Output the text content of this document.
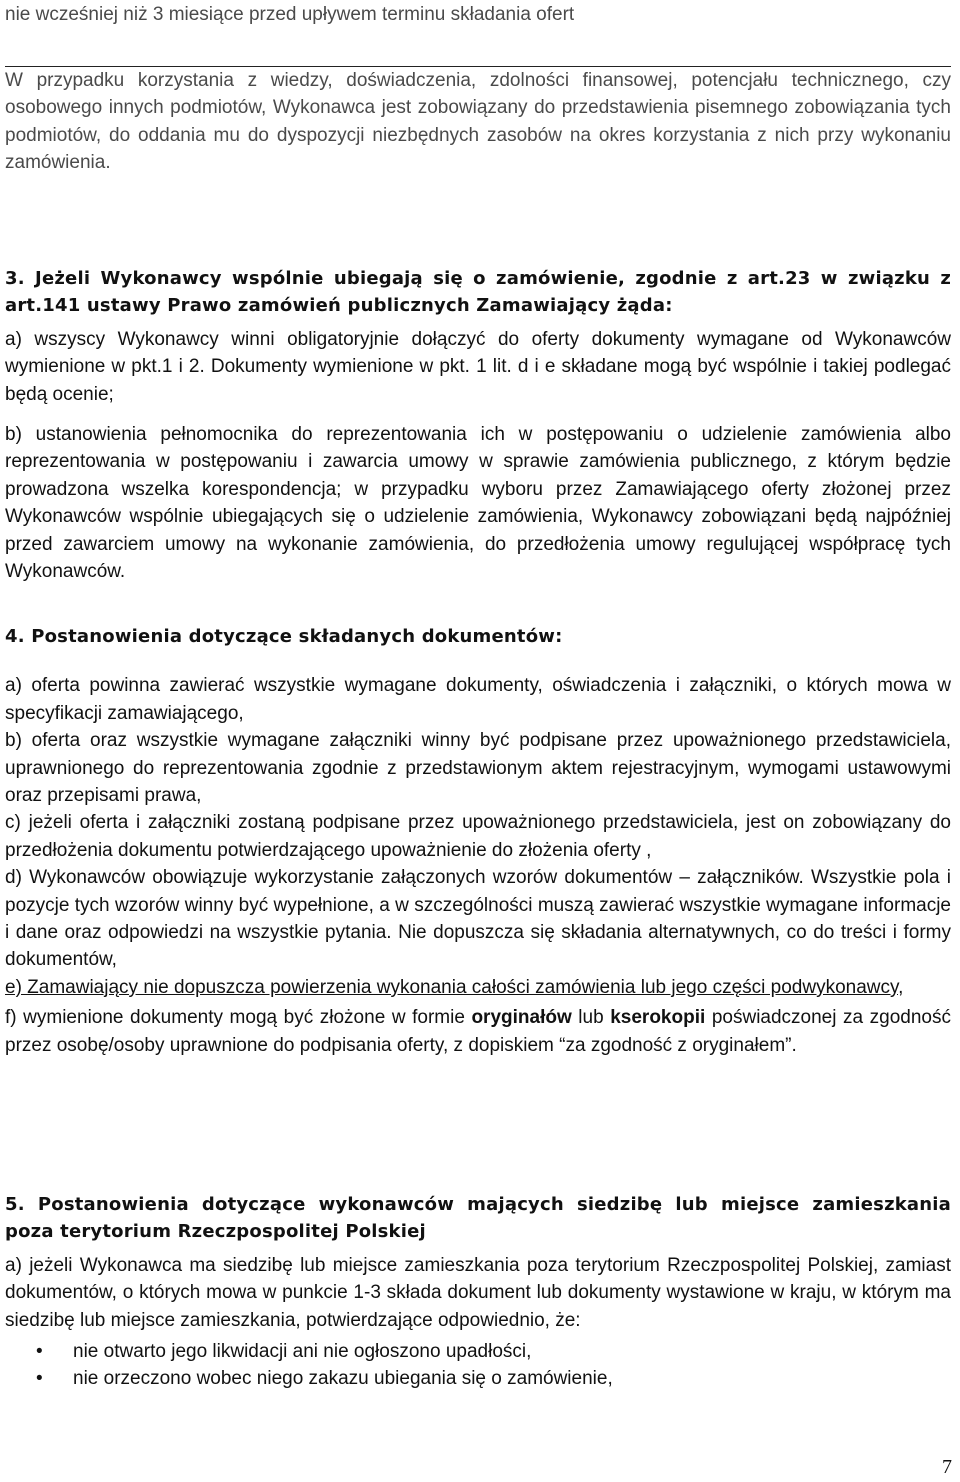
nie wcześniej niż 3 miesiące przed upływem terminu składania ofert

W przypadku korzystania z wiedzy, doświadczenia, zdolności finansowej, potencjału technicznego, czy osobowego innych podmiotów, Wykonawca jest zobowiązany do przedstawienia pisemnego zobowiązania tych podmiotów, do oddania mu do dyspozycji niezbędnych zasobów na okres korzystania z nich przy wykonaniu zamówienia.

3. Jeżeli Wykonawcy wspólnie ubiegają się o zamówienie, zgodnie z art.23 w związku z art.141 ustawy Prawo zamówień publicznych Zamawiający żąda:

a) wszyscy Wykonawcy winni obligatoryjnie dołączyć do oferty dokumenty wymagane od Wykonawców wymienione w pkt.1 i 2. Dokumenty wymienione w pkt. 1 lit. d i e składane mogą być wspólnie i takiej podlegać będą ocenie;

b) ustanowienia pełnomocnika do reprezentowania ich w postępowaniu o udzielenie zamówienia albo reprezentowania w postępowaniu i zawarcia umowy w sprawie zamówienia publicznego, z którym będzie prowadzona wszelka korespondencja; w przypadku wyboru przez Zamawiającego oferty złożonej przez Wykonawców wspólnie ubiegających się o udzielenie zamówienia, Wykonawcy zobowiązani będą najpóźniej przed zawarciem umowy na wykonanie zamówienia, do przedłożenia umowy regulującej współpracę tych Wykonawców.

4. Postanowienia dotyczące składanych dokumentów:

a) oferta powinna zawierać wszystkie wymagane dokumenty, oświadczenia i załączniki, o których mowa w specyfikacji zamawiającego,

b) oferta oraz wszystkie wymagane załączniki winny być podpisane przez upoważnionego przedstawiciela, uprawnionego do reprezentowania zgodnie z przedstawionym aktem rejestracyjnym, wymogami ustawowymi oraz przepisami prawa,

c) jeżeli oferta i załączniki zostaną podpisane przez upoważnionego przedstawiciela, jest on zobowiązany do przedłożenia dokumentu potwierdzającego upoważnienie do złożenia oferty ,

d) Wykonawców obowiązuje wykorzystanie załączonych wzorów dokumentów – załączników. Wszystkie pola i pozycje tych wzorów winny być wypełnione, a w szczególności muszą zawierać wszystkie wymagane informacje i dane oraz odpowiedzi na wszystkie pytania. Nie dopuszcza się składania alternatywnych, co do treści i formy dokumentów,

e) Zamawiający nie dopuszcza powierzenia wykonania całości zamówienia lub jego części podwykonawcy,

f) wymienione dokumenty mogą być złożone w formie oryginałów lub kserokopii poświadczonej za zgodność przez osobę/osoby uprawnione do podpisania oferty, z dopiskiem “za zgodność z oryginałem”.

5. Postanowienia dotyczące wykonawców mających siedzibę lub miejsce zamieszkania poza terytorium Rzeczpospolitej Polskiej

a) jeżeli Wykonawca ma siedzibę lub miejsce zamieszkania poza terytorium Rzeczpospolitej Polskiej, zamiast dokumentów, o których mowa w punkcie 1-3 składa dokument lub dokumenty wystawione w kraju, w którym ma siedzibę lub miejsce zamieszkania, potwierdzające odpowiednio, że:

• nie otwarto jego likwidacji ani nie ogłoszono upadłości,
• nie orzeczono wobec niego zakazu ubiegania się o zamówienie,
7
